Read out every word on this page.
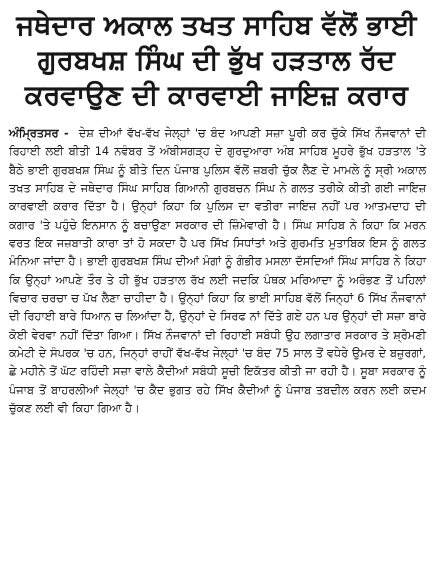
ਜਥੇਦਾਰ ਅਕਾਲ ਤਖਤ ਸਾਹਿਬ ਵੱਲੋਂ ਭਾਈ
ਗੁਰਬਖਸ਼ ਸਿੰਘ ਦੀ ਭੁੱਖ ਹੜਤਾਲ ਰੱਦ
ਕਰਵਾਉਣ ਦੀ ਕਾਰਵਾਈ ਜਾਇਜ਼ ਕਰਾਰ

ਅੰਮ੍ਰਿਤਸਰ - ਦੇਸ਼ ਦੀਆਂ ਵੱਖ-ਵੱਖ ਜੇਲ੍ਹਾਂ 'ਚ ਬੰਦ ਆਪਣੀ ਸਜ਼ਾ ਪੂਰੀ ਕਰ ਚੁੱਕੇ ਸਿੱਖ ਨੌਜਵਾਨਾਂ ਦੀ ਰਿਹਾਈ ਲਈ ਬੀਤੀ 14 ਨਵੰਬਰ ਤੋਂ ਅੰਬੀਸਗੜ੍ਹ ਦੇ ਗੁਰਦੁਆਰਾ ਅੰਬ ਸਾਹਿਬ ਮੂਹਰੇ ਭੁੱਖ ਹੜਤਾਲ 'ਤੇ ਬੈਠੇ ਭਾਈ ਗੁਰਬਖਸ਼ ਸਿੰਘ ਨੂੰ ਬੀਤੇ ਦਿਨ ਪੰਜਾਬ ਪੁਲਿਸ ਵੱਲੋਂ ਜ਼ਬਰੀ ਚੁੱਕ ਲੈਣ ਦੇ ਮਾਮਲੇ ਨੂੰ ਸ੍ਰੀ ਅਕਾਲ ਤਖਤ ਸਾਹਿਬ ਦੇ ਜਥੇਦਾਰ ਸਿੰਘ ਸਾਹਿਬ ਗਿਆਨੀ ਗੁਰਬਚਨ ਸਿੰਘ ਨੇ ਗਲਤ ਤਰੀਕੇ ਕੀਤੀ ਗਈ ਜਾਇਜ਼ ਕਾਰਵਾਈ ਕਰਾਰ ਦਿੱਤਾ ਹੈ। ਉਨ੍ਹਾਂ ਕਿਹਾ ਕਿ ਪੁਲਿਸ ਦਾ ਵਤੀਰਾ ਜਾਇਜ਼ ਨਹੀਂ ਪਰ ਆਤਮਦਾਹ ਦੀ ਕਗਾਰ 'ਤੇ ਪਹੁੰਚੇ ਇਨਸਾਨ ਨੂੰ ਬਚਾਉਣਾ ਸਰਕਾਰ ਦੀ ਜ਼ਿੰਮੇਵਾਰੀ ਹੈ। ਸਿੰਘ ਸਾਹਿਬ ਨੇ ਕਿਹਾ ਕਿ ਮਰਨ ਵਰਤ ਇਕ ਜਜ਼ਬਾਤੀ ਕਾਰਾ ਤਾਂ ਹੋ ਸਕਦਾ ਹੈ ਪਰ ਸਿੱਖ ਸਿਧਾਂਤਾਂ ਅਤੇ ਗੁਰਮਤਿ ਮੁਤਾਬਿਕ ਇਸ ਨੂੰ ਗਲਤ ਮੰਨਿਆ ਜਾਂਦਾ ਹੈ। ਭਾਈ ਗੁਰਬਖਸ਼ ਸਿੰਘ ਦੀਆਂ ਮੰਗਾਂ ਨੂੰ ਗੰਭੀਰ ਮਸਲਾ ਦੱਸਦਿਆਂ ਸਿੰਘ ਸਾਹਿਬ ਨੇ ਕਿਹਾ ਕਿ ਉਨ੍ਹਾਂ ਆਪਣੇ ਤੌਰ ਤੇ ਹੀ ਭੁੱਖ ਹੜਤਾਲ ਰੱਖ ਲਈ ਜਦਕਿ ਪੰਥਕ ਮਰਿਆਦਾ ਨੂੰ ਅਰੰਭਣ ਤੋਂ ਪਹਿਲਾਂ ਵਿਚਾਰ ਚਰਚਾ ਚ ਪੱਖ ਲੈਣਾ ਚਾਹੀਦਾ ਹੈ। ਉਨ੍ਹਾਂ ਕਿਹਾ ਕਿ ਭਾਈ ਸਾਹਿਬ ਵੱਲੋਂ ਜਿਨ੍ਹਾਂ 6 ਸਿੱਖ ਨੌਜਵਾਨਾਂ ਦੀ ਰਿਹਾਈ ਬਾਰੇ ਧਿਆਨ ਚ ਲਿਆਂਦਾ ਹੈ, ਉਨ੍ਹਾਂ ਦੇ ਸਿਰਫ ਨਾਂ ਦਿੱਤੇ ਗਏ ਹਨ ਪਰ ਉਨ੍ਹਾਂ ਦੀ ਸਜ਼ਾ ਬਾਰੇ ਕੋਈ ਵੇਰਵਾ ਨਹੀਂ ਦਿੱਤਾ ਗਿਆ। ਸਿੱਖ ਨੌਜਵਾਨਾਂ ਦੀ ਰਿਹਾਈ ਸਬੰਧੀ ਉਹ ਲਗਾਤਾਰ ਸਰਕਾਰ ਤੇ ਸ਼੍ਰੋਮਣੀ ਕਮੇਟੀ ਦੇ ਸੰਪਰਕ 'ਚ ਹਨ, ਜਿਨ੍ਹਾਂ ਰਾਹੀਂ ਵੱਖ-ਵੱਖ ਜੇਲ੍ਹਾਂ 'ਚ ਬੰਦ 75 ਸਾਲ ਤੋਂ ਵਧੇਰੇ ਉਮਰ ਦੇ ਬਜ਼ੁਰਗਾਂ, ਛੇ ਮਹੀਨੇ ਤੋਂ ਘੱਟ ਰਹਿੰਦੀ ਸਜ਼ਾ ਵਾਲੇ ਕੈਦੀਆਂ ਸਬੰਧੀ ਸੂਚੀ ਇਕੱਤਰ ਕੀਤੀ ਜਾ ਰਹੀ ਹੈ। ਸੂਬਾ ਸਰਕਾਰ ਨੂੰ ਪੰਜਾਬ ਤੋਂ ਬਾਹਰਲੀਆਂ ਜੇਲ੍ਹਾਂ 'ਚ ਕੈਦ ਭੁਗਤ ਰਹੇ ਸਿੱਖ ਕੈਦੀਆਂ ਨੂੰ ਪੰਜਾਬ ਤਬਦੀਲ ਕਰਨ ਲਈ ਕਦਮ ਚੁੱਕਣ ਲਈ ਵੀ ਕਿਹਾ ਗਿਆ ਹੈ।
